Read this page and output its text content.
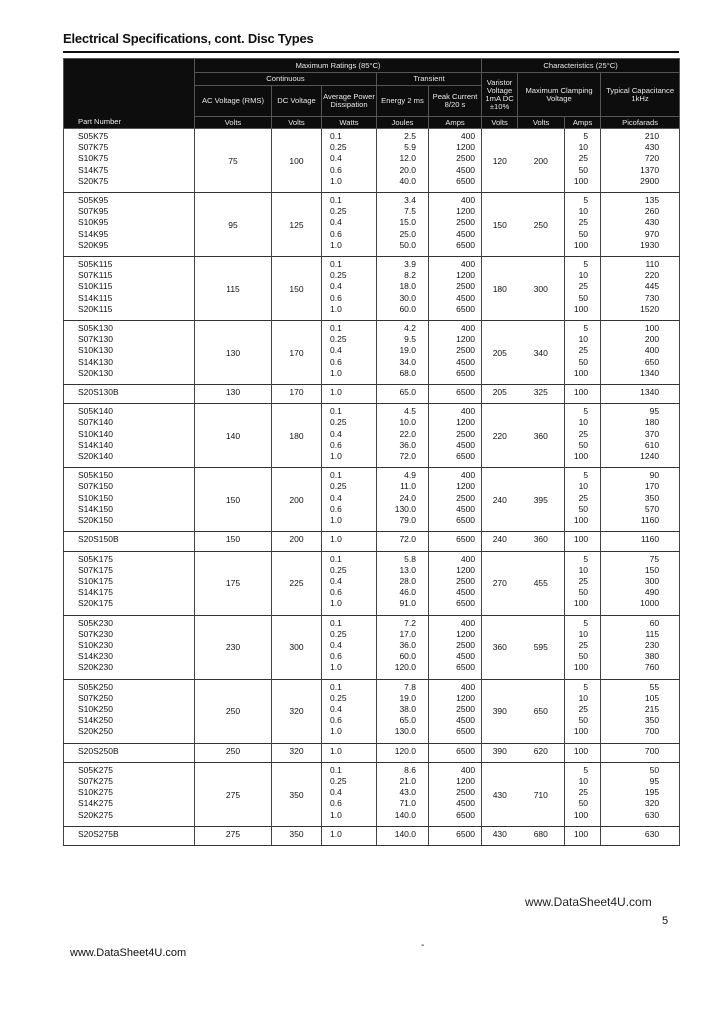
Electrical Specifications, cont. Disc Types
Part Number	Maximum Ratings (85°C)					Characteristics (25°C)			
	Continuous			Transient		Varistor Voltage 1mA DC ±10%	Maximum Clamping Voltage		Typical Capacitance 1kHz
	AC Voltage (RMS)	DC Voltage	Average Power Dissipation	Energy 2 ms	Peak Current 8/20 s				
	Volts	Volts	Watts	Joules	Amps	Volts	Volts	Amps	Picofarads
S05K75	75	100	0.1	2.5	400	120	200	5	210
S07K75			0.25	5.9	1200			10	430
S10K75			0.4	12.0	2500			25	720
S14K75			0.6	20.0	4500			50	1370
S20K75			1.0	40.0	6500			100	2900
S05K95	95	125	0.1	3.4	400	150	250	5	135
S07K95			0.25	7.5	1200			10	260
S10K95			0.4	15.0	2500			25	430
S14K95			0.6	25.0	4500			50	970
S20K95			1.0	50.0	6500			100	1930
S05K115	115	150	0.1	3.9	400	180	300	5	110
S07K115			0.25	8.2	1200			10	220
S10K115			0.4	18.0	2500			25	445
S14K115			0.6	30.0	4500			50	730
S20K115			1.0	60.0	6500			100	1520
S05K130	130	170	0.1	4.2	400	205	340	5	100
S07K130			0.25	9.5	1200			10	200
S10K130			0.4	19.0	2500			25	400
S14K130			0.6	34.0	4500			50	650
S20K130			1.0	68.0	6500			100	1340
S20S130B	130	170	1.0	65.0	6500	205	325	100	1340
S05K140	140	180	0.1	4.5	400	220	360	5	95
S07K140			0.25	10.0	1200			10	180
S10K140			0.4	22.0	2500			25	370
S14K140			0.6	36.0	4500			50	610
S20K140			1.0	72.0	6500			100	1240
S05K150	150	200	0.1	4.9	400	240	395	5	90
S07K150			0.25	11.0	1200			10	170
S10K150			0.4	24.0	2500			25	350
S14K150			0.6	130.0	4500			50	570
S20K150			1.0	79.0	6500			100	1160
S20S150B	150	200	1.0	72.0	6500	240	360	100	1160
S05K175	175	225	0.1	5.8	400	270	455	5	75
S07K175			0.25	13.0	1200			10	150
S10K175			0.4	28.0	2500			25	300
S14K175			0.6	46.0	4500			50	490
S20K175			1.0	91.0	6500			100	1000
S05K230	230	300	0.1	7.2	400	360	595	5	60
S07K230			0.25	17.0	1200			10	115
S10K230			0.4	36.0	2500			25	230
S14K230			0.6	60.0	4500			50	380
S20K230			1.0	120.0	6500			100	760
S05K250	250	320	0.1	7.8	400	390	650	5	55
S07K250			0.25	19.0	1200			10	105
S10K250			0.4	38.0	2500			25	215
S14K250			0.6	65.0	4500			50	350
S20K250			1.0	130.0	6500			100	700
S20S250B	250	320	1.0	120.0	6500	390	620	100	700
S05K275	275	350	0.1	8.6	400	430	710	5	50
S07K275			0.25	21.0	1200			10	95
S10K275			0.4	43.0	2500			25	195
S14K275			0.6	71.0	4500			50	320
S20K275			1.0	140.0	6500			100	630
S20S275B	275	350	1.0	140.0	6500	430	680	100	630
www.DataSheet4U.com
5
-
www.DataSheet4U.com
